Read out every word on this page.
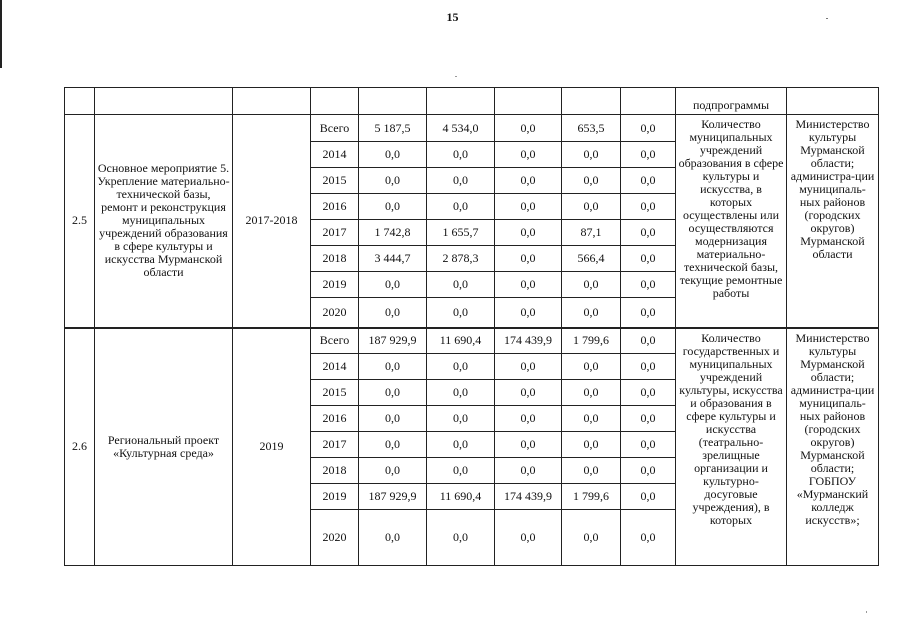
15
									подпрограммы	
2.5	Основное мероприятие 5. Укрепление материально-технической базы, ремонт и реконструкция муниципальных учреждений образования в сфере культуры и искусства Мурманской области	2017-2018	Всего	5 187,5	4 534,0	0,0	653,5	0,0	Количество муниципальных учреждений образования в сфере культуры и искусства, в которых осуществлены или осуществляются модернизация материально-технической базы, текущие ремонтные работы	Министерство культуры Мурманской области; администра-ции муниципаль-ных районов (городских округов) Мурманской области
			2014	0,0	0,0	0,0	0,0	0,0		
			2015	0,0	0,0	0,0	0,0	0,0		
			2016	0,0	0,0	0,0	0,0	0,0		
			2017	1 742,8	1 655,7	0,0	87,1	0,0		
			2018	3 444,7	2 878,3	0,0	566,4	0,0		
			2019	0,0	0,0	0,0	0,0	0,0		
			2020	0,0	0,0	0,0	0,0	0,0		
2.6	Региональный проект «Культурная среда»	2019	Всего	187 929,9	11 690,4	174 439,9	1 799,6	0,0	Количество государственных и муниципальных учреждений культуры, искусства и образования в сфере культуры и искусства (театрально-зрелищные организации и культурно-досуговые учреждения), в которых	Министерство культуры Мурманской области; администра-ции муниципаль-ных районов (городских округов) Мурманской области; ГОБПОУ «Мурманский колледж искусств»;
			2014	0,0	0,0	0,0	0,0	0,0		
			2015	0,0	0,0	0,0	0,0	0,0		
			2016	0,0	0,0	0,0	0,0	0,0		
			2017	0,0	0,0	0,0	0,0	0,0		
			2018	0,0	0,0	0,0	0,0	0,0		
			2019	187 929,9	11 690,4	174 439,9	1 799,6	0,0		
			2020	0,0	0,0	0,0	0,0	0,0		
